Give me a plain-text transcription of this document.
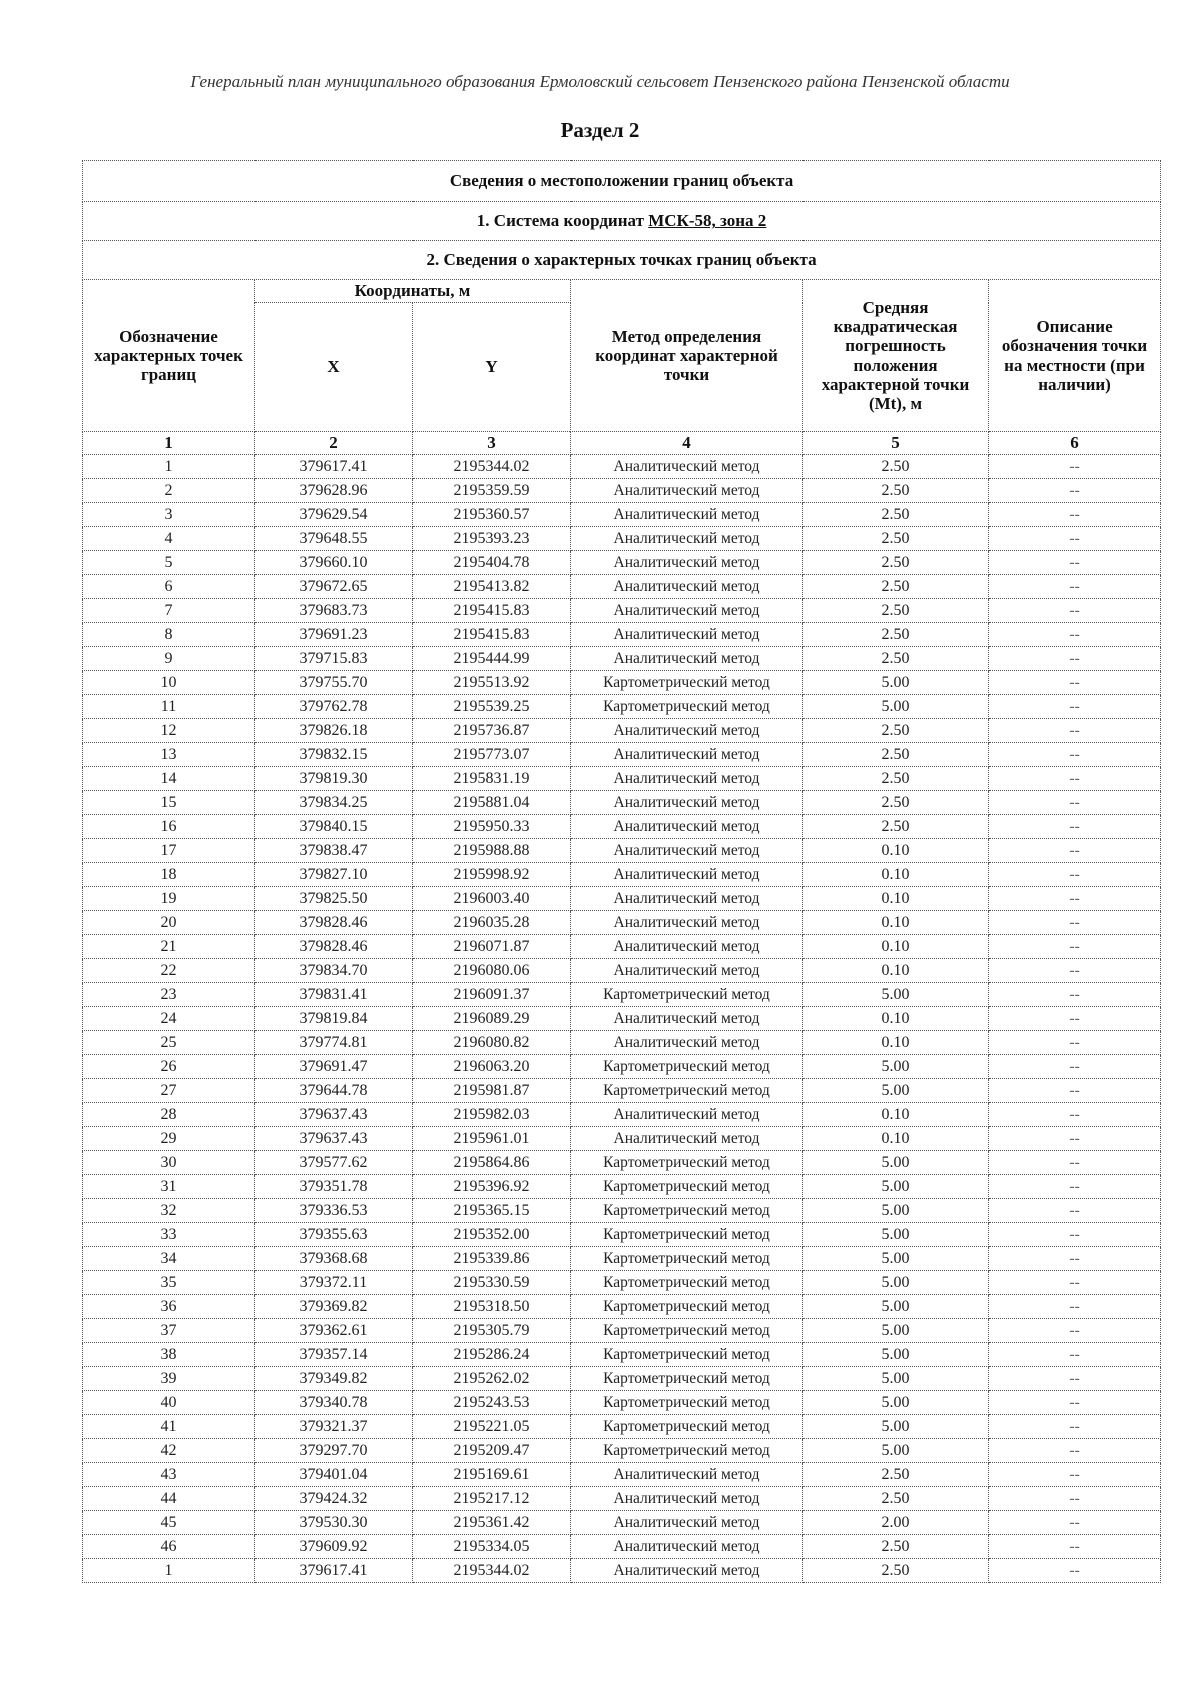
Генеральный план муниципального образования Ермоловский сельсовет Пензенского района Пензенской области
Раздел 2
Сведения о местоположении границ объекта					
1. Система координат МСК-58, зона 2					
2. Сведения о характерных точках границ объекта					
Обозначение характерных точек границ	Координаты, м		Метод определения координат характерной точки	Средняя квадратическая погрешность положения характерной точки (Mt), м	Описание обозначения точки на местности (при наличии)
	X	Y			
1	2	3	4	5	6
1	379617.41	2195344.02	Аналитический метод	2.50	--
2	379628.96	2195359.59	Аналитический метод	2.50	--
3	379629.54	2195360.57	Аналитический метод	2.50	--
4	379648.55	2195393.23	Аналитический метод	2.50	--
5	379660.10	2195404.78	Аналитический метод	2.50	--
6	379672.65	2195413.82	Аналитический метод	2.50	--
7	379683.73	2195415.83	Аналитический метод	2.50	--
8	379691.23	2195415.83	Аналитический метод	2.50	--
9	379715.83	2195444.99	Аналитический метод	2.50	--
10	379755.70	2195513.92	Картометрический метод	5.00	--
11	379762.78	2195539.25	Картометрический метод	5.00	--
12	379826.18	2195736.87	Аналитический метод	2.50	--
13	379832.15	2195773.07	Аналитический метод	2.50	--
14	379819.30	2195831.19	Аналитический метод	2.50	--
15	379834.25	2195881.04	Аналитический метод	2.50	--
16	379840.15	2195950.33	Аналитический метод	2.50	--
17	379838.47	2195988.88	Аналитический метод	0.10	--
18	379827.10	2195998.92	Аналитический метод	0.10	--
19	379825.50	2196003.40	Аналитический метод	0.10	--
20	379828.46	2196035.28	Аналитический метод	0.10	--
21	379828.46	2196071.87	Аналитический метод	0.10	--
22	379834.70	2196080.06	Аналитический метод	0.10	--
23	379831.41	2196091.37	Картометрический метод	5.00	--
24	379819.84	2196089.29	Аналитический метод	0.10	--
25	379774.81	2196080.82	Аналитический метод	0.10	--
26	379691.47	2196063.20	Картометрический метод	5.00	--
27	379644.78	2195981.87	Картометрический метод	5.00	--
28	379637.43	2195982.03	Аналитический метод	0.10	--
29	379637.43	2195961.01	Аналитический метод	0.10	--
30	379577.62	2195864.86	Картометрический метод	5.00	--
31	379351.78	2195396.92	Картометрический метод	5.00	--
32	379336.53	2195365.15	Картометрический метод	5.00	--
33	379355.63	2195352.00	Картометрический метод	5.00	--
34	379368.68	2195339.86	Картометрический метод	5.00	--
35	379372.11	2195330.59	Картометрический метод	5.00	--
36	379369.82	2195318.50	Картометрический метод	5.00	--
37	379362.61	2195305.79	Картометрический метод	5.00	--
38	379357.14	2195286.24	Картометрический метод	5.00	--
39	379349.82	2195262.02	Картометрический метод	5.00	--
40	379340.78	2195243.53	Картометрический метод	5.00	--
41	379321.37	2195221.05	Картометрический метод	5.00	--
42	379297.70	2195209.47	Картометрический метод	5.00	--
43	379401.04	2195169.61	Аналитический метод	2.50	--
44	379424.32	2195217.12	Аналитический метод	2.50	--
45	379530.30	2195361.42	Аналитический метод	2.00	--
46	379609.92	2195334.05	Аналитический метод	2.50	--
1	379617.41	2195344.02	Аналитический метод	2.50	--
